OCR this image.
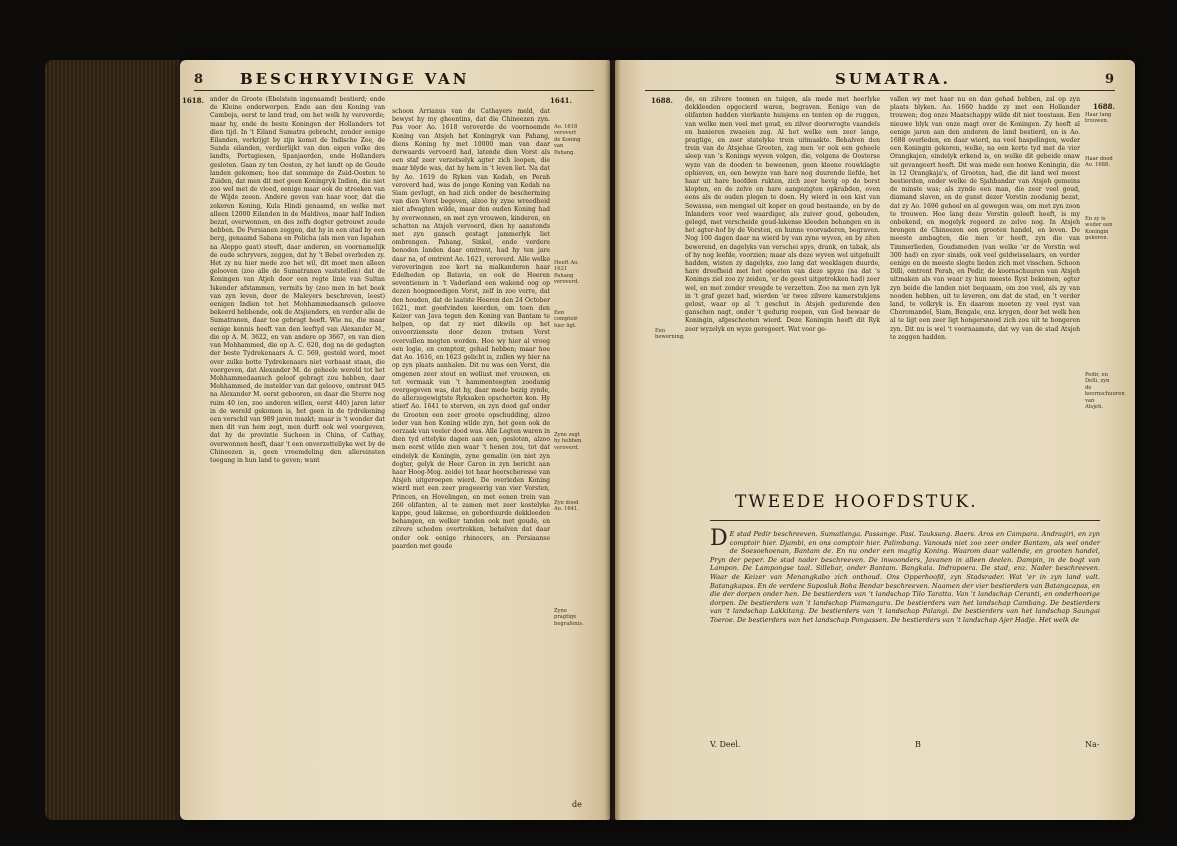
8 BESCHRYVINGE VAN
1618.	1641.

ander de Groote (Ebelstein ingenaamd) bestierd; ende de Kleine onderworpen. Ende aan den Koning van Camboja, eerst te land trad, om het welk hy veroverde; maar hy, ende de beste Koningen der Hollanders tot dien tijd. In 't Eiland Sumatra gebracht, zonder eenige Eilanden, verkrijgt by zijn komst de Indische Zee, de Sunda eilanden, verdierlijkt van den eigen volke des landts, Portugiesen, Spanjaerden, ende Hollanders gesloten. Gaan zy ten Oosten, zy het landt op de Goude landen gekomen; hoe dat sommige de Zuid-Oosten te Zuiden, dat men dit met geen Koningryk Indien, die niet zoo wel met de vloed, eenige maar ook de streeken van de Wijde zeeen. Andere geven van haar voor, dat die zekeren Koning, Kula Hindi genaamd, en welke met alleen 12000 Eilanden in de Maldives, maar half Indien bezat, overwonnen, en des zelfs dogter getrouwt zoude hebben. De Persianen zeggen, dat hy in een stad by een berg, genaamd Sabana en Policha (als men van Ispahan na Aleppo gaat) steeft, daar anderen, en voornamelijk de oude schryvers, zeggen, dat hy 't Bebel overleden zy. Het zy nu hier mede zoo het wil, dit moet men alleen gelooven (zoo alle de Sumatranen vaststellen) dat de Koningen van Atjeh door een regte linie van Sultan Iskender afstammen, vermits hy (zoo men in het boek van zyn leven, door de Maleyers beschreven, leest) eenigen Indien tot het Mohhammedaansch geloove bekeerd hebbende, ook de Atsjienders, en verder alle de Sumatranen, daar toe gebragt heeft. Wie nu, die maar eenige kennis heeft van den leeftyd van Alexander M., die op A. M. 3622, en van andere op 3667, en van dien van Mohhammed, die op A. C. 620, dog na de gedagten der beste Tydrekenaars A. C. 569, gesteld word, moet over zulke botte Tydrekenaars niet verbaast staan, die voorgeven, dat Alexander M. de geheele wereld tot het Mohhammedaansch geloof gebragt zou hebben, daar Mohhammed, de instelder van dat geloove, omtrent 945 na Alexander M. eerst gebooren, en daar die Sterre nog ruim 40 (en, zoo anderen willen, eerst 440) jaren later in de wereld gekomen is, het geen in de tydrekening een verschil van 989 jaren maakt; maar is 't wonder dat men dit van hem zegt, men durft ook wel voorgeven, dat hy de provintie Sucheen in China, of Cathay, overwonnen heeft, daar 't een onverzetteliyke wet by de Chineezen is, geen vreemdeling den allereinsten toegang in hun land te geven; want

schoon Arrianus van de Cathayers meld, dat bewyst hy my gheentins, dat die Chineezen zyn. Pas voor Ao. 1618 veroverde de voornoemde Koning van Atsjeh het Koningryk van Pahang, diens Koning hy met 10000 man van daar derwaards vervoerd had, latende dien Vorst als een staf zeer verzetselyk agter zich loopen, die maar blyde was, dat hy hem in 't leven liet. Na dat hy Ao. 1619 de Ryken van Kedah, en Perah veroverd had, was de jonge Koning van Kedah na Siam gevlugt, en had zich onder de bescherming van dien Vorst begeven, alzoo hy zyne wreedheid niet afwagten wilde, maar den ouden Koning had hy overwonnen, en met zyn vrouwen, kinderen, en schatten na Atsjeh vervoerd, dien hy aanstonds met zyn gansch gestagt jammerlyk liet ombrengen. Pahang, Sinkel, ende verdere benoden landen daar omtrent, had hy ten jare daar na, of omtrent Ao. 1621, veroverd. Alle welke veroveringen zoo kort na malkanderen haar Edelheden op Batavia, en ook de Heeren seventienen in 't Vaderland een wakend oog op dezen hoogmoedigen Vorst, zelf in zoo verre, dat den houden, dat de laatste Heeren den 24 October 1621, met goedvinden keerden, om toen den Keizer van Java tegen den Koning van Bantam te helpen, op dat zy niet dikwils op het onvoorziensste door dezen trotsen Vorst overvallen mogten worden. Hoe wy hier al vroeg een logie, en comptoir, gehad hebben; maar hoe dat Ao. 1616, en 1623 gelicht is, zullen wy hier na op zyn plaats aanhalen. Dit nu was een Vorst, die omgenen zeer stout en wellust met vrouwen, en tot vermaak van 't hammenteegten zoodanig overgegeven was, dat hy, daar mede bezig zynde, de allerzegewigtste Ryksaken opschorten kon. Hy stierf Ao. 1641 te sterven, en zyn dood gaf onder de Grooten een zeer groote opschudding, alzoo ieder van hen Koning wilde zyn, het geen ook de oorzaak van veeler dood was. Alle Legten waren in dien tyd ettelyke dagen aan een, gesloten, alzoo men eerst wilde zien waar 't henen zou, tot dat eindelyk de Koningin, zyne gemalin (en niet zyn dogter, gelyk de Heer Caron in zyn bericht aan haar Hoog-Mog. zeide) tot haar heerscheresse van Atsjeh uitgeroepen wierd. De overleden Koning wierd met een zeer prageeerig van vier Vorsten, Princen, en Hovelingen, en met eenen trein van 260 olifanten, al te zamen met zeer kostelyke kappe, goud lakense, en geborduurde dekkleeden behangen, en welker tanden ook met goude, en zilvere scheden overtrokken, behalven dat daar onder ook eenige rhinocers, en Persiaanse paarden met goude

Ao. 1618 verovert de Koning van Pahang.
Heeft Ao. 1621 Pahang veroverd.
Een comptoir hier ligt.
Zyne zegt hy hebben veroverd.
Zyn dood Ao. 1641.
Zyne pragtige begrafenis.
de
SUMATRA.	9
1688.
1688.

de, en zilvere toomen en tuigen, als mede met heerlyke dekkleeden opgecierd waren, begraven. Eenige van de olifanten hadden vierkante huisjens en tenten op de ruggen, van welke men veel met goud, en zilver doorwrogte vaandels en banieren zwaeien zag. Al het welke een zeer lange, pragtige, en zeer statelyke trein uitmaakte. Behalven den trein van de Atsjehse Grooten, zag men 'er ook een geheele sleep van 's Konings wyven volgen, die, volgens de Oosterse wyze van de dooden te beweenen, geen kleene rouwklagte ophieven, en, een bewyze van hare nog duurende liefde, het haar uit hare hoofden rukten, zich zeer hevig op de borst klopten, en de zelve en hare aangezigten opkrabden, even eens als de ouden plegen te doen. Hy wierd in een kist van Sewassa, een mengsel uit koper en goud bestaande, en by de Inlanders voor veel waardiger, als zuiver goud, gebouden, gelegd, met verscheide goud-lakense kleeden behangen en in het agter-hof by de Vorsten, en hunne voorvaderen, begraven. Nog 100 dagen daar na wierd by van zyne wyven, en by ziten bewerend, en dagelyks van verschei spys, drank, en tabak, als of hy nog leefde, voorzien; maar als deze wyven wel uitgehuilt hadden, wisten zy dagelyks, zoo lang dat weeklagen duurde, hare dreefheid met het opeeten van deze spyze (na dat 's Konings ziel zoo zy zeiden, 'er de geest uitgetrokken had) zeer wel, en met zonder vreugde te verzetten. Zoo na men zyn lyk in 't graf gezet had, wierden 'er twee zilvere kamerstukjens gelost, waar op al 't geschut in Atsjeh gedurende den ganschen nagt, onder 't gedurig roepen, van God bewaar de Koningin, afgeschooten wierd. Deze Koningin heeft dit Ryk zeer wyzelyk en wyze geregeert. Wat voor ge-

vallen wy met haar nu en dan gehad hebben, zal op zyn plaats blyken. Ao. 1660 hadde zy met een Hollander trouwen; dog onze Maatschappy wilde dit niet toestaan. Een nieuwe blyk van onze magt over de Koningen. Zy heeft al eenige jaren aan den anderen de land bestierd, en is Ao. 1688 overleden, en daar wierd, na veel haspelingen, weder een Koningin gekoren, welke, na een korte tyd met de vier Orangkajen, eindelyk erkend is, en welke dit gebeide onaw uit gevangeert heeft. Dit was mede een hoewe Koningin, die in 12 Orangkaja's, of Grooten, had, die dit land wel meest bestierden, onder welke de Sjahbandar van Atsjeh gemeins de minste was; als zynde een man, die zeer veel goud, diamand slaven, en de gunst dezer Vorstin zoodanig bezat, dat zy Ao. 1696 geheel en al gewegen was, om met zyn zoon te trouwen. Hoe lang deze Vorstin geleeft heeft, is my onbekend, en mogelyk regeerd ze zelve nog. In Atsjeh brengen de Chineezen een grooten handel, en leven. De meeste ambagten, die men 'er heeft, zyn die van Timmerlieden, Goudsmeden (van welke 'er de Vorstin wel 300 had) en zyer sinids, ook veel geldwisselaars, en verder eenige en de meeste slegte lieden zich met visschen. Schoon Dilli, omtrent Perah, en Pedir, de koornschuuren van Atsjeh uitmaken als van waar zy hun meeste Ryst bekomen, egter zyn beide die landen niet bequaam, om zoo veel, als zy van nooden hebben, uit te leveren, om dat de stad, en 't verder land, te volkryk is. En daarom moeten zy veel ryst van Choromandel, Siam, Bengale, enz. krygen, door het welk hen al te ligt een zeer ligt hongersnood zich zou uit te hongeren zyn. Dit nu is wel 't voornaamste, dat wy van de stad Atsjeh te zeggen hadden.

Een bewerning.
Haar lang trouwen.
Haar dood Ao. 1688.
En zy is weder een Koningin gekoren.
Pedir, en Delli, zyn de koornschuuren van Atsjeh.
TWEEDE HOOFDSTUK.
D E stad Pedir beschreeven. Sumatlanga. Passange. Pasi. Tauksang. Baers. Aros en Campara. Andragiri, en zyn comptoir hier. Djambi, en ons comptoir hier. Palimbang. Vanouds niet zoo zeer onder Bantam, als wel onder de Soesoehoenan, Bantam de. En nu onder een magtig Koning. Waarom daar vallende, en grooten handel, Pryn der peper. De stad nader beschreeven. De inwoonders, Javanen in alleen deelen. Dampin, in de bogt van Lampon. De Lampongse taal. Sillebar, onder Bantam. Bangkala. Indrapoera. De stad, enz. Nader beschreeven. Waar de Keizer van Menangkabo zich onthoud. Ons Opperhoofd, zyn Stadsrader. Wat 'er in zyn land valt. Batangkapas. En de verdere Suposluk Boha Bendar beschreeven. Naamen der vier bestierders van Batangcapas, en die der dorpen onder hen. De bestierders van 't landschap Tilo Taratta. Van 't landschap Ceranti, en onderhoorige dorpen. De bestierders van 't landschap Piamangara. De bestierders van het landschap Cambang. De bestierders van 't landschap Lakkitang. De bestierders van 't landschap Palangi. De bestierders van het landschap Saungai Toeroe. De bestierders van het landschap Pongassen. De bestierders van 't landschap Ajer Hadje. Het welk de
V. Deel.	B	Na-
